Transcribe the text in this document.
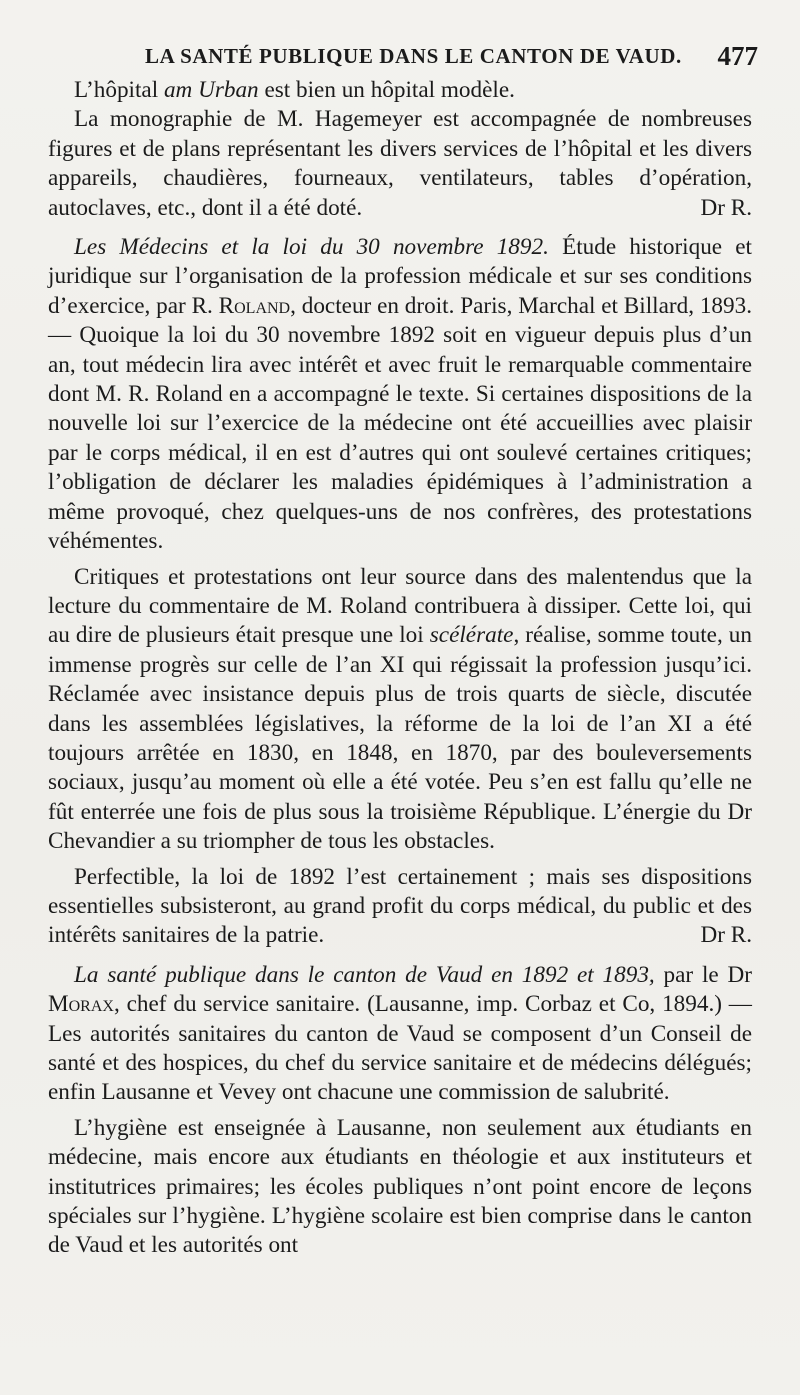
LA SANTÉ PUBLIQUE DANS LE CANTON DE VAUD. 477

L’hôpital am Urban est bien un hôpital modèle.

La monographie de M. Hagemeyer est accompagnée de nombreuses figures et de plans représentant les divers services de l’hôpital et les divers appareils, chaudières, fourneaux, ventilateurs, tables d’opération, autoclaves, etc., dont il a été doté.	Dr R.

Les Médecins et la loi du 30 novembre 1892. Étude historique et juridique sur l’organisation de la profession médicale et sur ses conditions d’exercice, par R. Roland, docteur en droit. Paris, Marchal et Billard, 1893. — Quoique la loi du 30 novembre 1892 soit en vigueur depuis plus d’un an, tout médecin lira avec intérêt et avec fruit le remarquable commentaire dont M. R. Roland en a accompagné le texte. Si certaines dispositions de la nouvelle loi sur l’exercice de la médecine ont été accueillies avec plaisir par le corps médical, il en est d’autres qui ont soulevé certaines critiques; l’obligation de déclarer les maladies épidémiques à l’administration a même provoqué, chez quelques-uns de nos confrères, des protestations véhémentes.

Critiques et protestations ont leur source dans des malentendus que la lecture du commentaire de M. Roland contribuera à dissiper. Cette loi, qui au dire de plusieurs était presque une loi scélérate, réalise, somme toute, un immense progrès sur celle de l’an XI qui régissait la profession jusqu’ici. Réclamée avec insistance depuis plus de trois quarts de siècle, discutée dans les assemblées législatives, la réforme de la loi de l’an XI a été toujours arrêtée en 1830, en 1848, en 1870, par des bouleversements sociaux, jusqu’au moment où elle a été votée. Peu s’en est fallu qu’elle ne fût enterrée une fois de plus sous la troisième République. L’énergie du Dr Chevandier a su triompher de tous les obstacles.

Perfectible, la loi de 1892 l’est certainement ; mais ses dispositions essentielles subsisteront, au grand profit du corps médical, du public et des intérêts sanitaires de la patrie.	Dr R.

La santé publique dans le canton de Vaud en 1892 et 1893, par le Dr Morax, chef du service sanitaire. (Lausanne, imp. Corbaz et Co, 1894.) — Les autorités sanitaires du canton de Vaud se composent d’un Conseil de santé et des hospices, du chef du service sanitaire et de médecins délégués; enfin Lausanne et Vevey ont chacune une commission de salubrité.

L’hygiène est enseignée à Lausanne, non seulement aux étudiants en médecine, mais encore aux étudiants en théologie et aux instituteurs et institutrices primaires; les écoles publiques n’ont point encore de leçons spéciales sur l’hygiène. L’hygiène scolaire est bien comprise dans le canton de Vaud et les autorités ont
